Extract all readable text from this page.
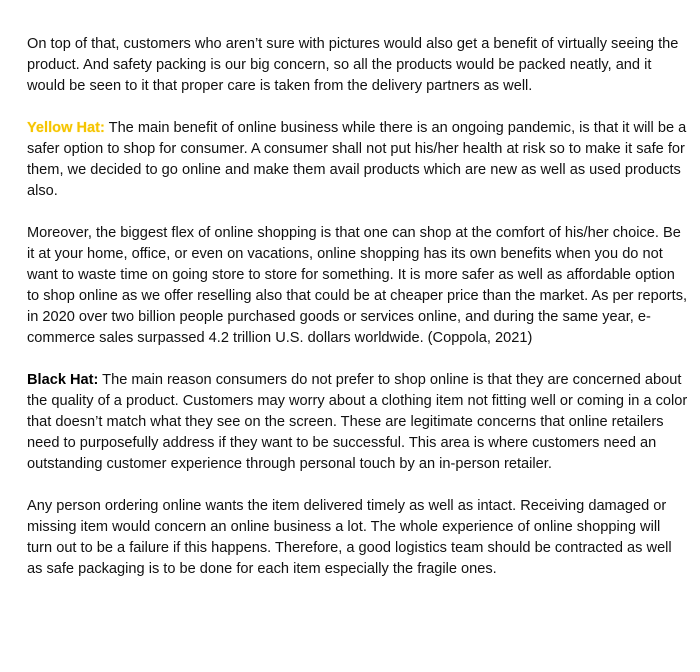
On top of that, customers who aren’t sure with pictures would also get a benefit of virtually seeing the product. And safety packing is our big concern, so all the products would be packed neatly, and it would be seen to it that proper care is taken from the delivery partners as well.

Yellow Hat: The main benefit of online business while there is an ongoing pandemic, is that it will be a safer option to shop for consumer. A consumer shall not put his/her health at risk so to make it safe for them, we decided to go online and make them avail products which are new as well as used products also.

Moreover, the biggest flex of online shopping is that one can shop at the comfort of his/her choice. Be it at your home, office, or even on vacations, online shopping has its own benefits when you do not want to waste time on going store to store for something. It is more safer as well as affordable option to shop online as we offer reselling also that could be at cheaper price than the market. As per reports, in 2020 over two billion people purchased goods or services online, and during the same year, e-commerce sales surpassed 4.2 trillion U.S. dollars worldwide. (Coppola, 2021)

Black Hat: The main reason consumers do not prefer to shop online is that they are concerned about the quality of a product. Customers may worry about a clothing item not fitting well or coming in a color that doesn’t match what they see on the screen. These are legitimate concerns that online retailers need to purposefully address if they want to be successful. This area is where customers need an outstanding customer experience through personal touch by an in-person retailer.

Any person ordering online wants the item delivered timely as well as intact. Receiving damaged or missing item would concern an online business a lot. The whole experience of online shopping will turn out to be a failure if this happens. Therefore, a good logistics team should be contracted as well as safe packaging is to be done for each item especially the fragile ones.
